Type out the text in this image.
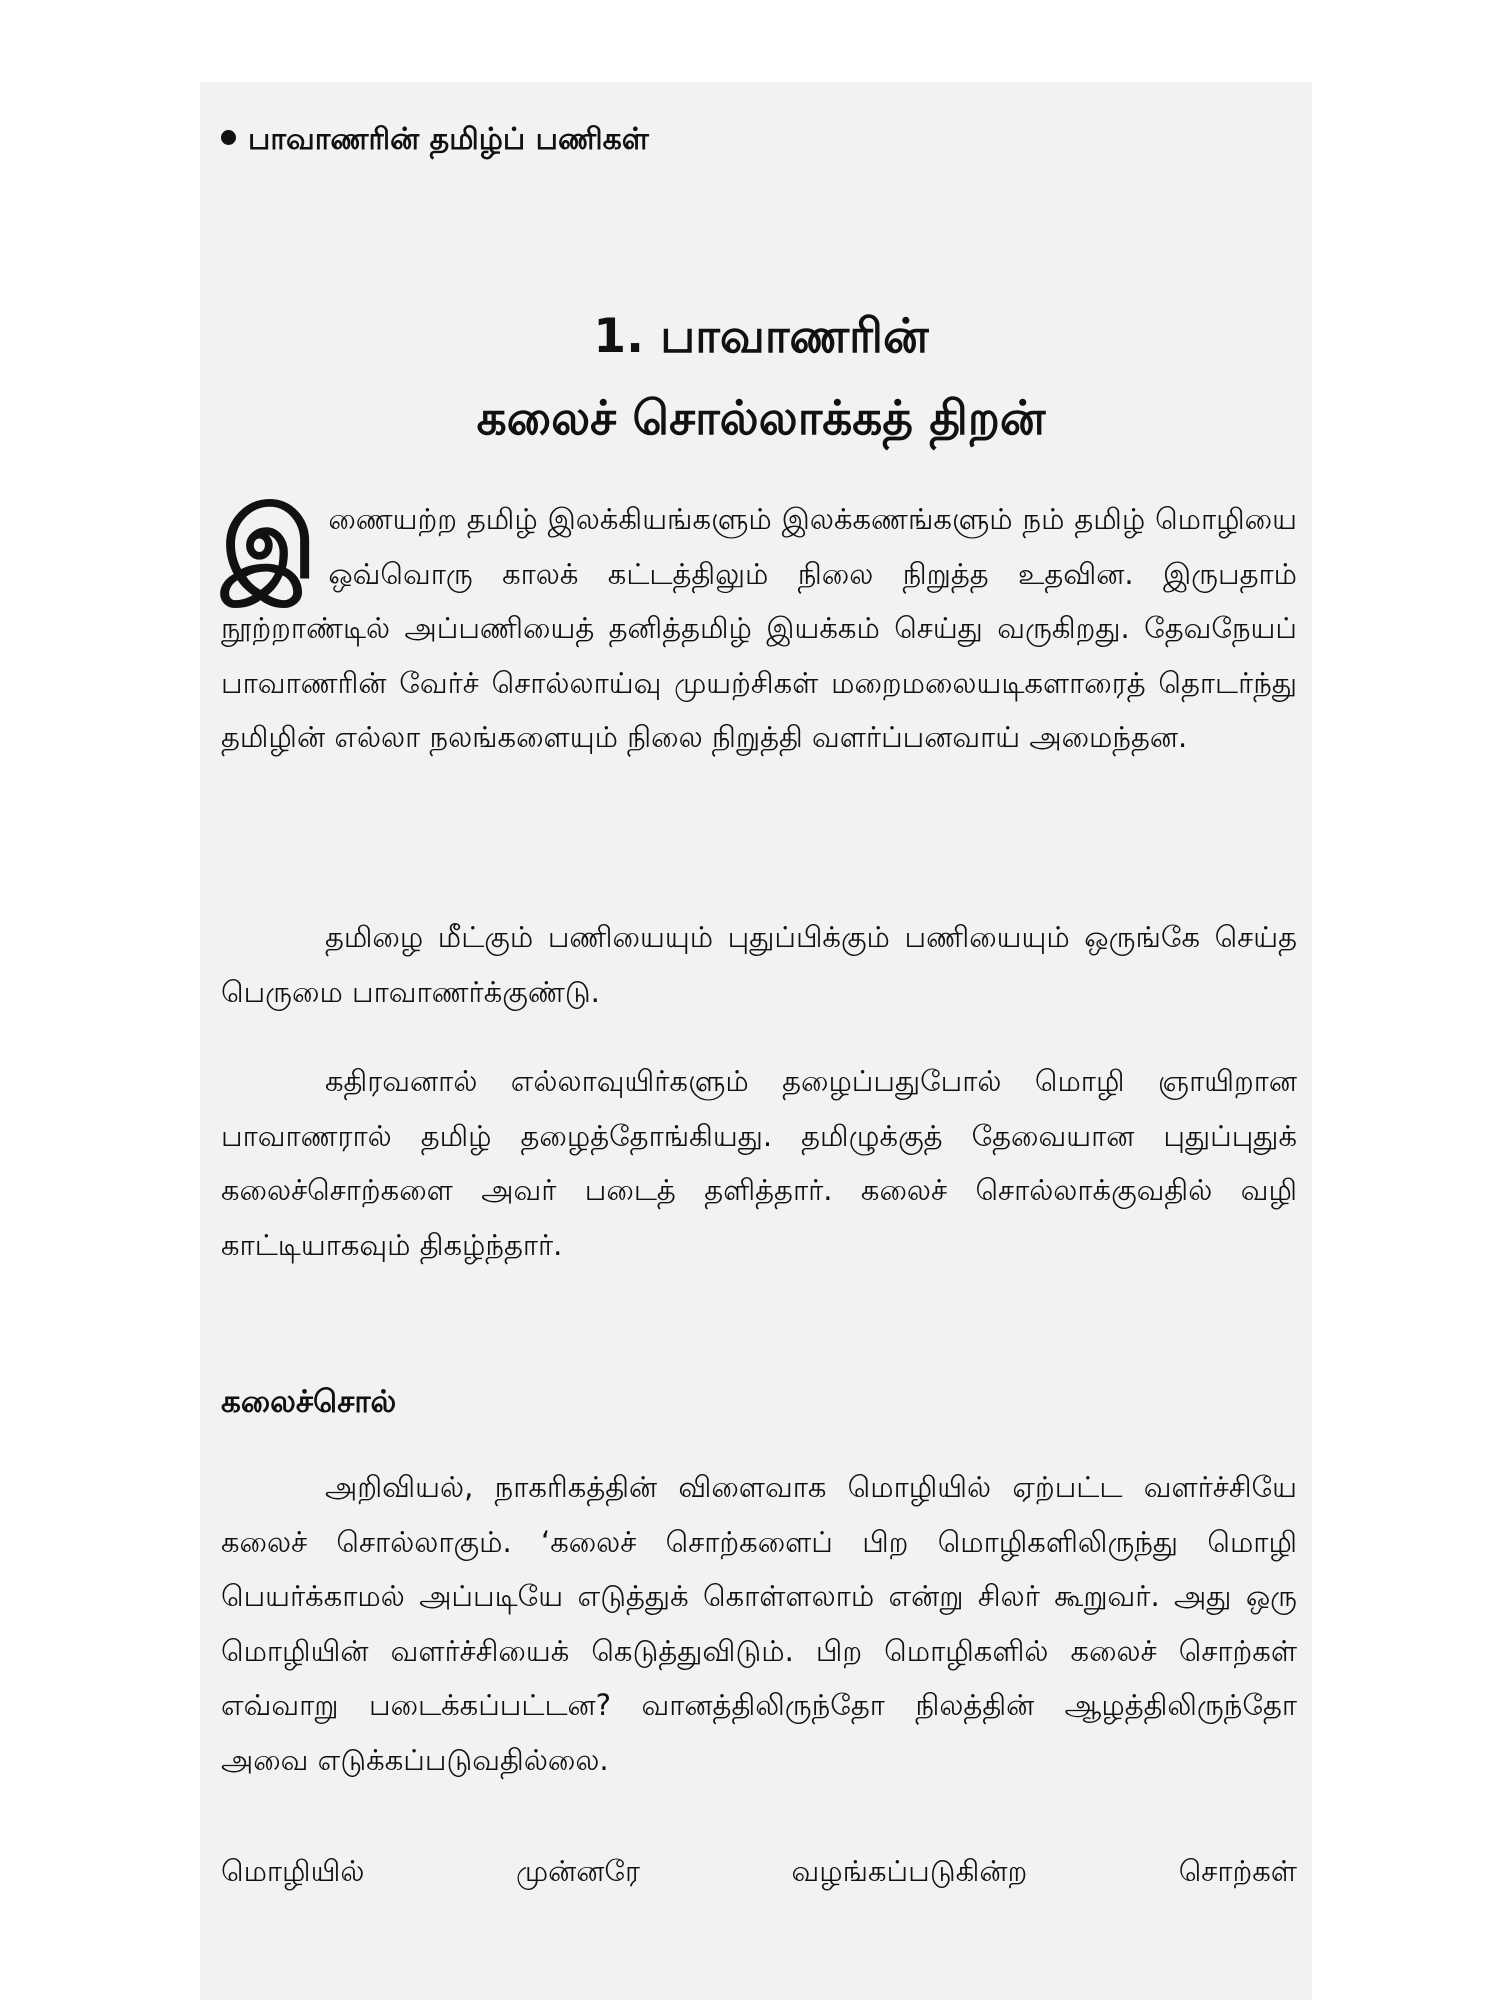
பாவாணரின் தமிழ்ப் பணிகள்
1. பாவாணரின்
கலைச் சொல்லாக்கத் திறன்
இணையற்ற தமிழ் இலக்கியங்களும் இலக்கணங்களும் நம் தமிழ் மொழியை ஒவ்வொரு காலக் கட்டத்திலும் நிலை நிறுத்த உதவின. இருபதாம் நூற்றாண்டில் அப்பணியைத் தனித்தமிழ் இயக்கம் செய்து வருகிறது. தேவநேயப் பாவாணரின் வேர்ச் சொல்லாய்வு முயற்சிகள் மறைமலையடிகளாரைத் தொடர்ந்து தமிழின் எல்லா நலங்களையும் நிலை நிறுத்தி வளர்ப்பனவாய் அமைந்தன.
தமிழை மீட்கும் பணியையும் புதுப்பிக்கும் பணியையும் ஒருங்கே செய்த பெருமை பாவாணர்க்குண்டு.
கதிரவனால் எல்லாவுயிர்களும் தழைப்பதுபோல் மொழி ஞாயிறான பாவாணரால் தமிழ் தழைத்தோங்கியது. தமிழுக்குத் தேவையான புதுப்புதுக் கலைச்சொற்களை அவர் படைத் தளித்தார். கலைச் சொல்லாக்குவதில் வழி காட்டியாகவும் திகழ்ந்தார்.
கலைச்சொல்
அறிவியல், நாகரிகத்தின் விளைவாக மொழியில் ஏற்பட்ட வளர்ச்சியே கலைச் சொல்லாகும். ‘கலைச் சொற்களைப் பிற மொழிகளிலிருந்து மொழி பெயர்க்காமல் அப்படியே எடுத்துக் கொள்ளலாம் என்று சிலர் கூறுவர். அது ஒரு மொழியின் வளர்ச்சியைக் கெடுத்துவிடும். பிற மொழிகளில் கலைச் சொற்கள் எவ்வாறு படைக்கப்பட்டன? வானத்திலிருந்தோ நிலத்தின் ஆழத்திலிருந்தோ அவை எடுக்கப்படுவதில்லை.
மொழியில்	முன்னரே	வழங்கப்படுகின்ற	சொற்கள்
